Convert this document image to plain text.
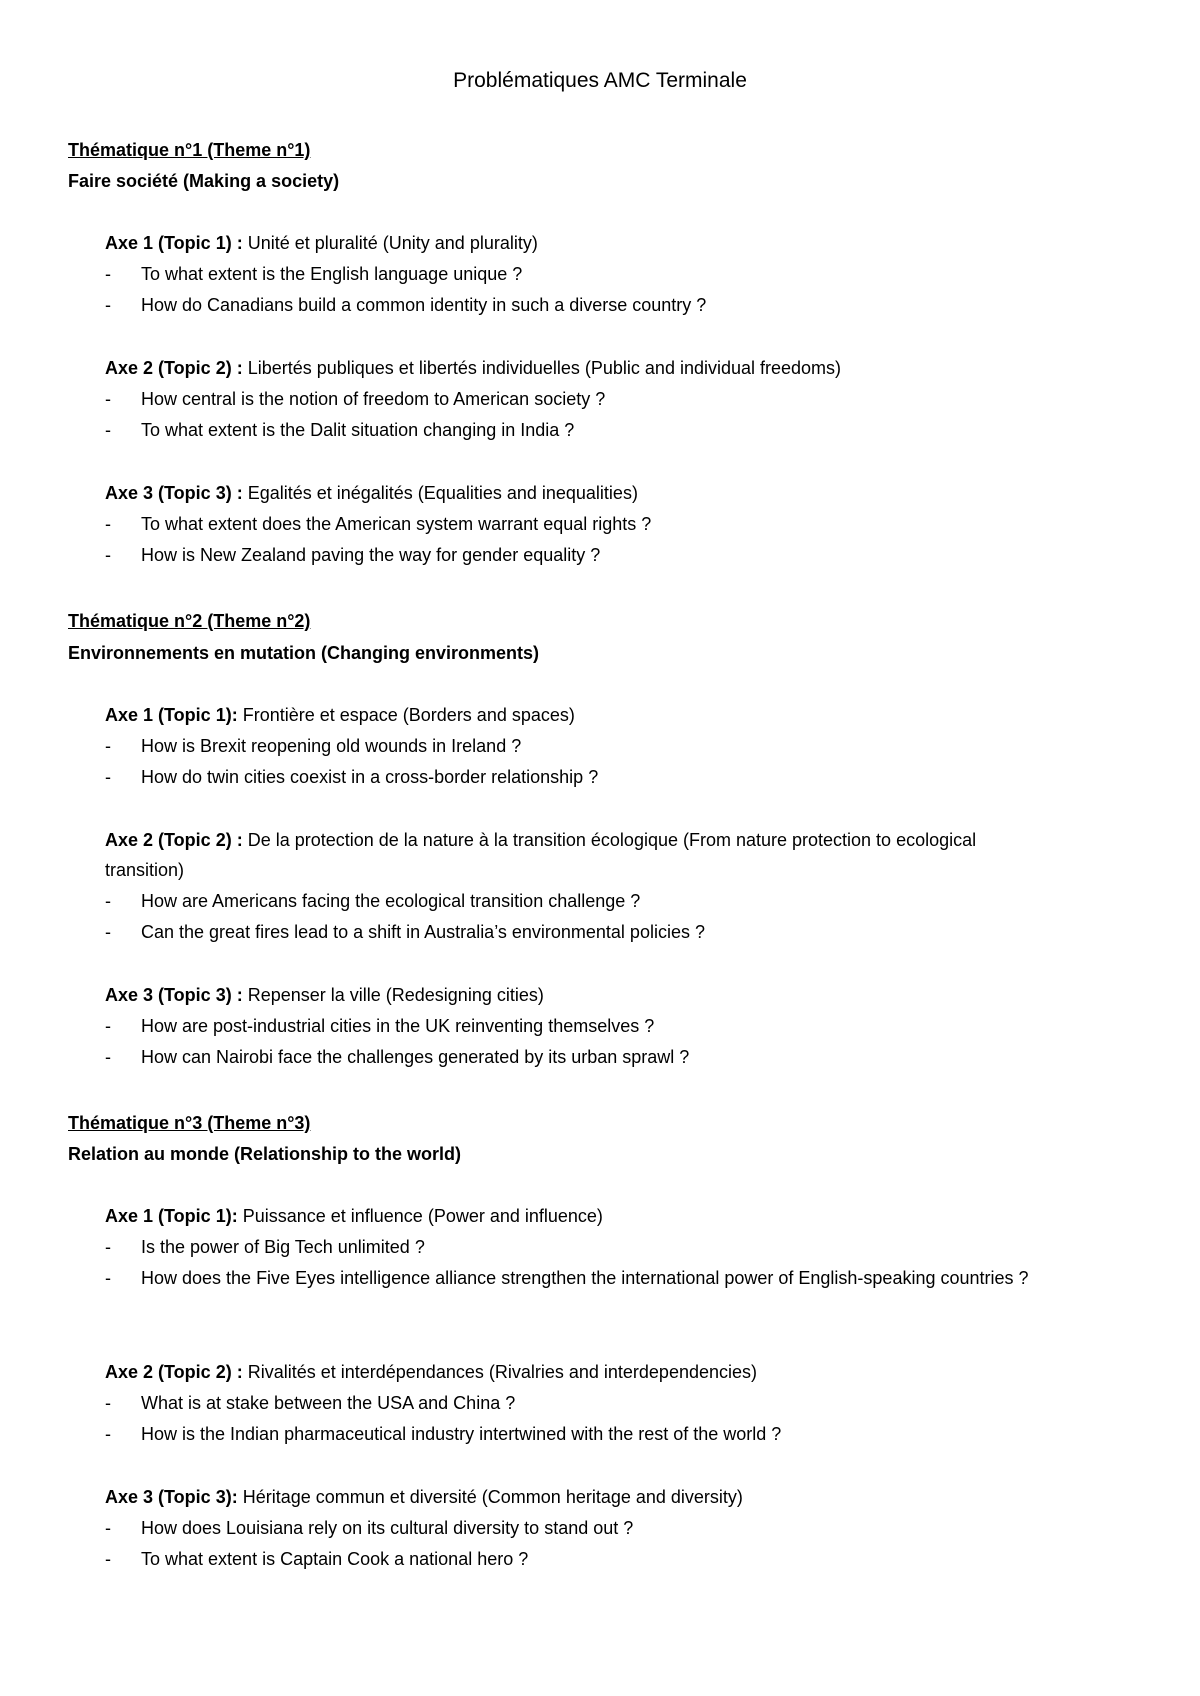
Problématiques AMC Terminale
Thématique n°1 (Theme n°1)
Faire société (Making a society)
Axe 1 (Topic 1) : Unité et pluralité (Unity and plurality)
- To what extent is the English language unique ?
- How do Canadians build a common identity in such a diverse country ?
Axe 2 (Topic 2) : Libertés publiques et libertés individuelles (Public and individual freedoms)
- How central is the notion of freedom to American society ?
- To what extent is the Dalit situation changing in India ?
Axe 3 (Topic 3) : Egalités et inégalités (Equalities and inequalities)
- To what extent does the American system warrant equal rights ?
- How is New Zealand paving the way for gender equality ?
Thématique n°2 (Theme n°2)
Environnements en mutation (Changing environments)
Axe 1 (Topic 1): Frontière et espace (Borders and spaces)
- How is Brexit reopening old wounds in Ireland ?
- How do twin cities coexist in a cross-border relationship ?
Axe 2 (Topic 2) : De la protection de la nature à la transition écologique (From nature protection to ecological
transition)
- How are Americans facing the ecological transition challenge ?
- Can the great fires lead to a shift in Australia’s environmental policies ?
Axe 3 (Topic 3) : Repenser la ville (Redesigning cities)
- How are post-industrial cities in the UK reinventing themselves ?
- How can Nairobi face the challenges generated by its urban sprawl ?
Thématique n°3 (Theme n°3)
Relation au monde (Relationship to the world)
Axe 1 (Topic 1): Puissance et influence (Power and influence)
- Is the power of Big Tech unlimited ?
- How does the Five Eyes intelligence alliance strengthen the international power of English-speaking countries ?
Axe 2 (Topic 2) : Rivalités et interdépendances (Rivalries and interdependencies)
- What is at stake between the USA and China ?
- How is the Indian pharmaceutical industry intertwined with the rest of the world ?
Axe 3 (Topic 3): Héritage commun et diversité (Common heritage and diversity)
- How does Louisiana rely on its cultural diversity to stand out ?
- To what extent is Captain Cook a national hero ?
